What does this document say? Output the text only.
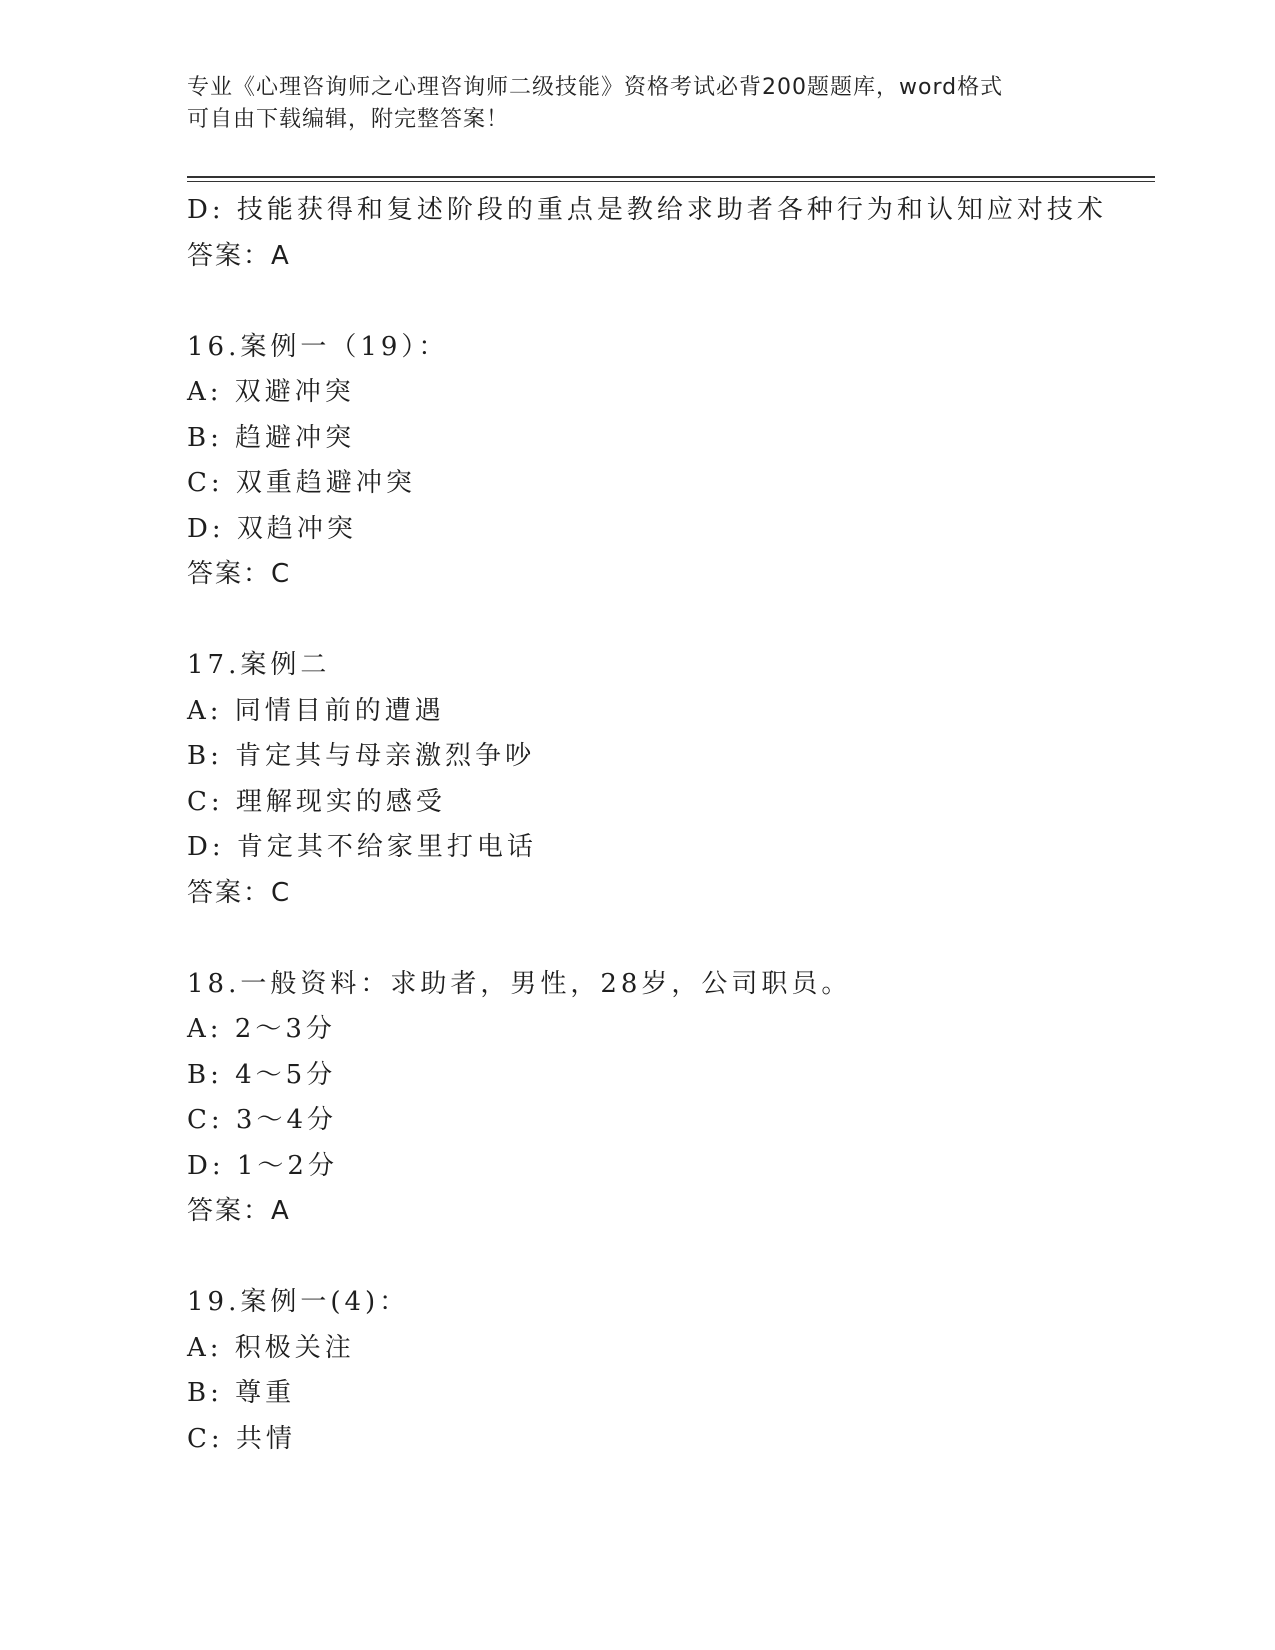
专业《心理咨询师之心理咨询师二级技能》资格考试必背200题题库，word格式
可自由下载编辑，附完整答案！
D: 技能获得和复述阶段的重点是教给求助者各种行为和认知应对技术
答案：A
16.案例一（19）：
A: 双避冲突
B: 趋避冲突
C: 双重趋避冲突
D: 双趋冲突
答案：C
17.案例二
A: 同情目前的遭遇
B: 肯定其与母亲激烈争吵
C: 理解现实的感受
D: 肯定其不给家里打电话
答案：C
18.一般资料：求助者，男性，28岁，公司职员。
A: 2～3分
B: 4～5分
C: 3～4分
D: 1～2分
答案：A
19.案例一(4)：
A: 积极关注
B: 尊重
C: 共情
